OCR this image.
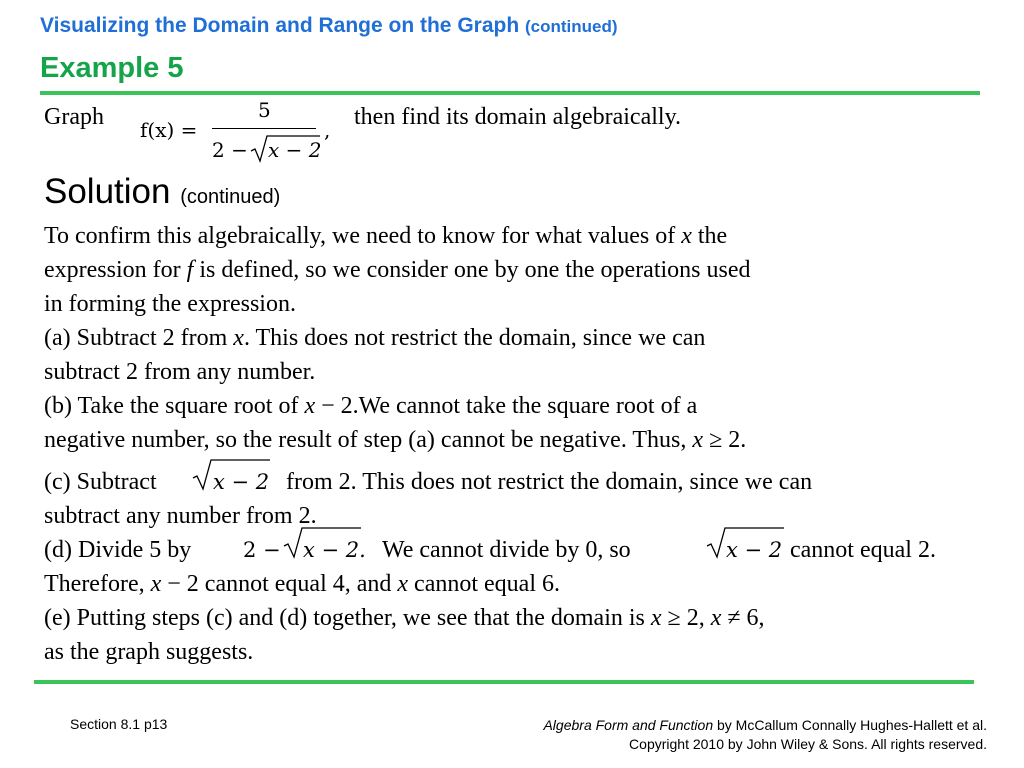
Visualizing the Domain and Range on the Graph (continued)
Example 5
Graph f(x) =
5
2 − x − 2
, then find its domain algebraically.
Solution (continued)
To confirm this algebraically, we need to know for what values of x the
expression for f is defined, so we consider one by one the operations used
in forming the expression.
(a) Subtract 2 from x. This does not restrict the domain, since we can
subtract 2 from any number.
(b) Take the square root of x − 2.We cannot take the square root of a
negative number, so the result of step (a) cannot be negative. Thus, x ≥ 2.
(c) Subtract	x − 2 from 2. This does not restrict the domain, since we can
subtract any number from 2.
(d) Divide 5 by 2 − x − 2. We cannot divide by 0, so	x − 2 cannot equal 2.
Therefore, x − 2 cannot equal 4, and x cannot equal 6.
(e) Putting steps (c) and (d) together, we see that the domain is x ≥ 2, x ≠ 6,
as the graph suggests.
Section 8.1 p13	Algebra Form and Function by McCallum Connally Hughes-Hallett et al.
Copyright 2010 by John Wiley & Sons. All rights reserved.
